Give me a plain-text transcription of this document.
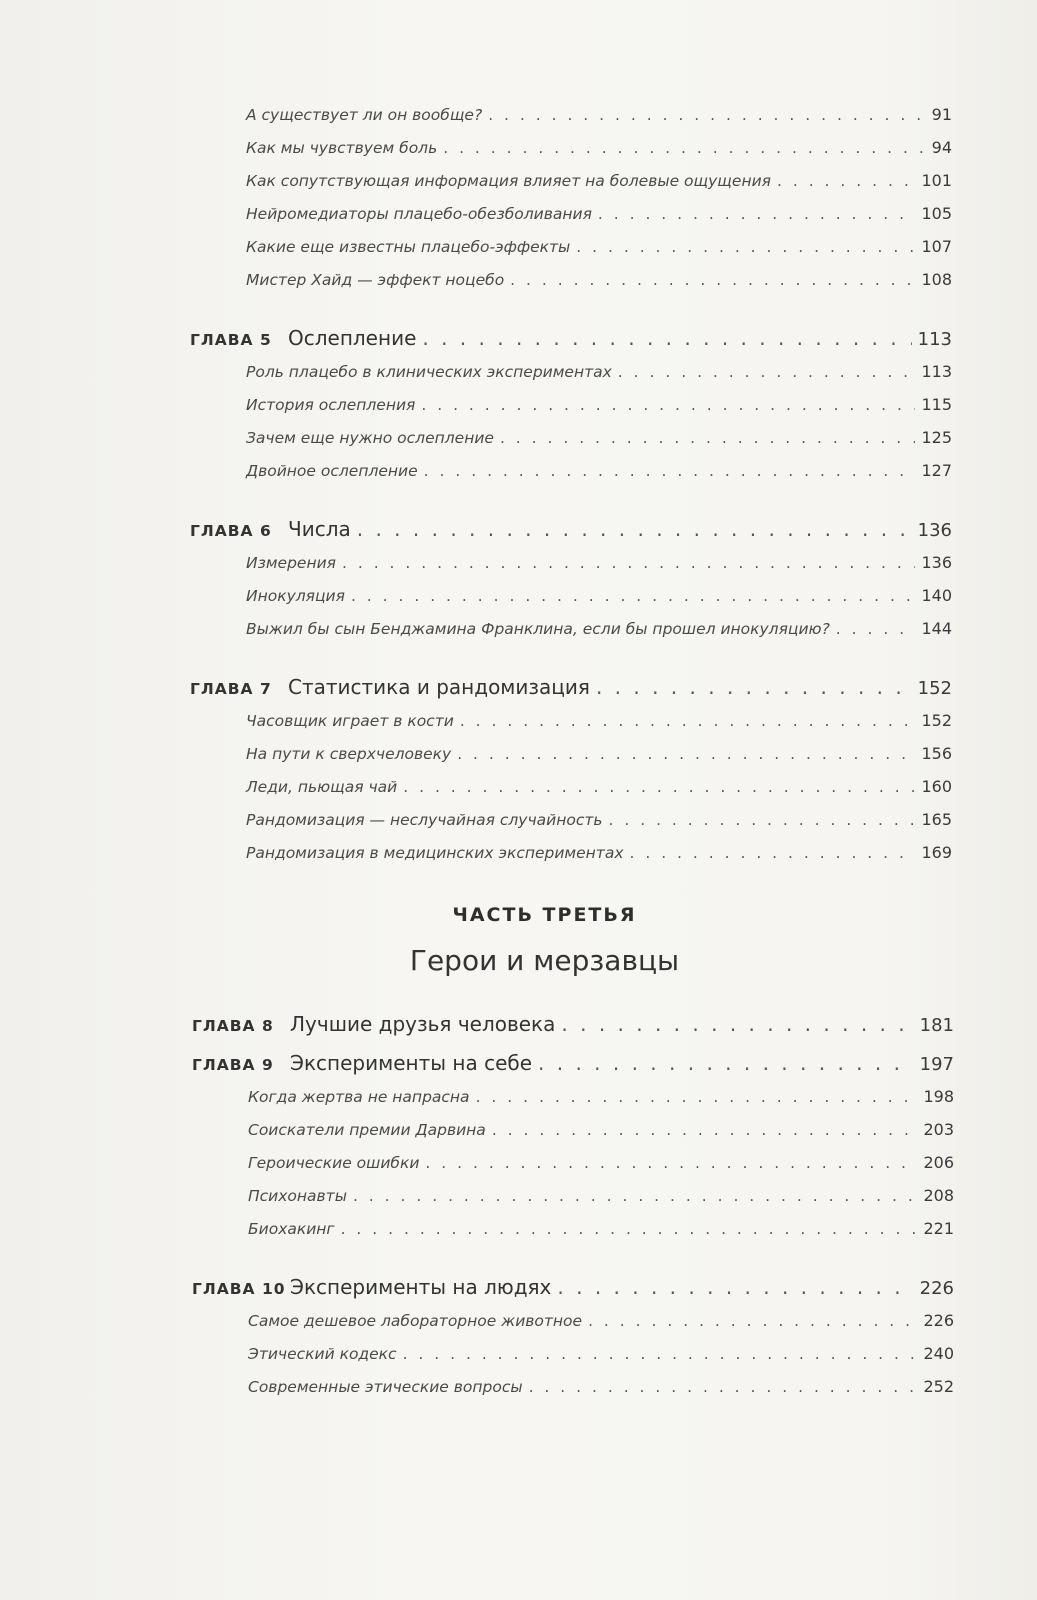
А существует ли он вообще? . . .	91
Как мы чувствуем боль . . .	94
Как сопутствующая информация влияет на болевые ощущения . . .	101
Нейромедиаторы плацебо-обезболивания . . .	105
Какие еще известны плацебо-эффекты . . .	107
Мистер Хайд — эффект ноцебо . . .	108
ГЛАВА 5 Ослепление . . .	113
Роль плацебо в клинических экспериментах . . .	113
История ослепления . . .	115
Зачем еще нужно ослепление . . .	125
Двойное ослепление . . .	127
ГЛАВА 6 Числа . . .	136
Измерения . . .	136
Инокуляция . . .	140
Выжил бы сын Бенджамина Франклина, если бы прошел инокуляцию? . . .	144
ГЛАВА 7 Статистика и рандомизация . . .	152
Часовщик играет в кости . . .	152
На пути к сверхчеловеку . . .	156
Леди, пьющая чай . . .	160
Рандомизация — неслучайная случайность . . .	165
Рандомизация в медицинских экспериментах . . .	169
ЧАСТЬ ТРЕТЬЯ
Герои и мерзавцы
ГЛАВА 8 Лучшие друзья человека . . .	181
ГЛАВА 9 Эксперименты на себе . . .	197
Когда жертва не напрасна . . .	198
Соискатели премии Дарвина . . .	203
Героические ошибки . . .	206
Психонавты . . .	208
Биохакинг . . .	221
ГЛАВА 10 Эксперименты на людях . . .	226
Самое дешевое лабораторное животное . . .	226
Этический кодекс . . .	240
Современные этические вопросы . . .	252
